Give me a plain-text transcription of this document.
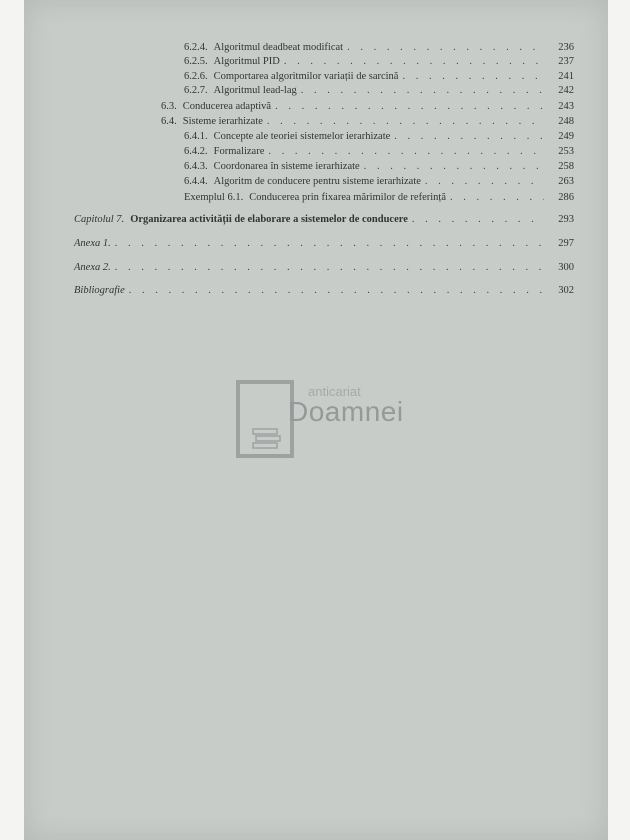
6.2.4. Algoritmul deadbeat modificat . . .	236
6.2.5. Algoritmul PID . . .	237
6.2.6. Comportarea algoritmilor variații de sarcină . . .	241
6.2.7. Algoritmul lead-lag . . .	242
6.3. Conducerea adaptivă . . .	243
6.4. Sisteme ierarhizate . . .	248
6.4.1. Concepte ale teoriei sistemelor ierarhizate . . .	249
6.4.2. Formalizare . . .	253
6.4.3. Coordonarea în sisteme ierarhizate . . .	258
6.4.4. Algoritm de conducere pentru sisteme ierarhizate . . .	263
Exemplul 6.1. Conducerea prin fixarea mărimilor de referință . . .	286
Capitolul 7. Organizarea activității de elaborare a sistemelor de conducere . . .	293
Anexa 1. . . .	297
Anexa 2. . . .	300
Bibliografie . . .	302
anticariat
Doamnei
